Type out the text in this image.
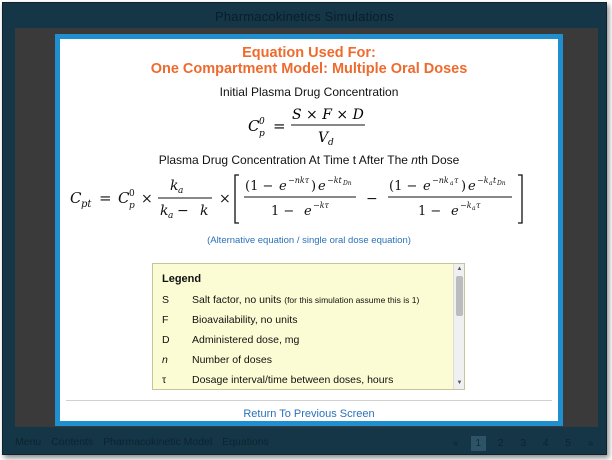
Pharmacokinetics Simulations
Equation Used For:
One Compartment Model: Multiple Oral Doses
Initial Plasma Drug Concentration
C 0
p =
S × F × D
V d
Plasma Drug Concentration At Time t After The nth Dose
C pt = C 0
p ×
k a
k a − k
×
(1 − e −nkτ ) e −kt Dn
1 − e −kτ	−
(1 − e −nk a τ ) e −k a t Dn
1 − e −k a τ
(Alternative equation / single oral dose equation)
Legend
S Salt factor, no units (for this simulation assume this is 1)
F Bioavailability, no units
D Administered dose, mg
n Number of doses
τ Dosage interval/time between doses, hours
▲
▼
Return To Previous Screen
Menu Contents Pharmacokinetic Model Equations	« 1 2 3 4 5 »
